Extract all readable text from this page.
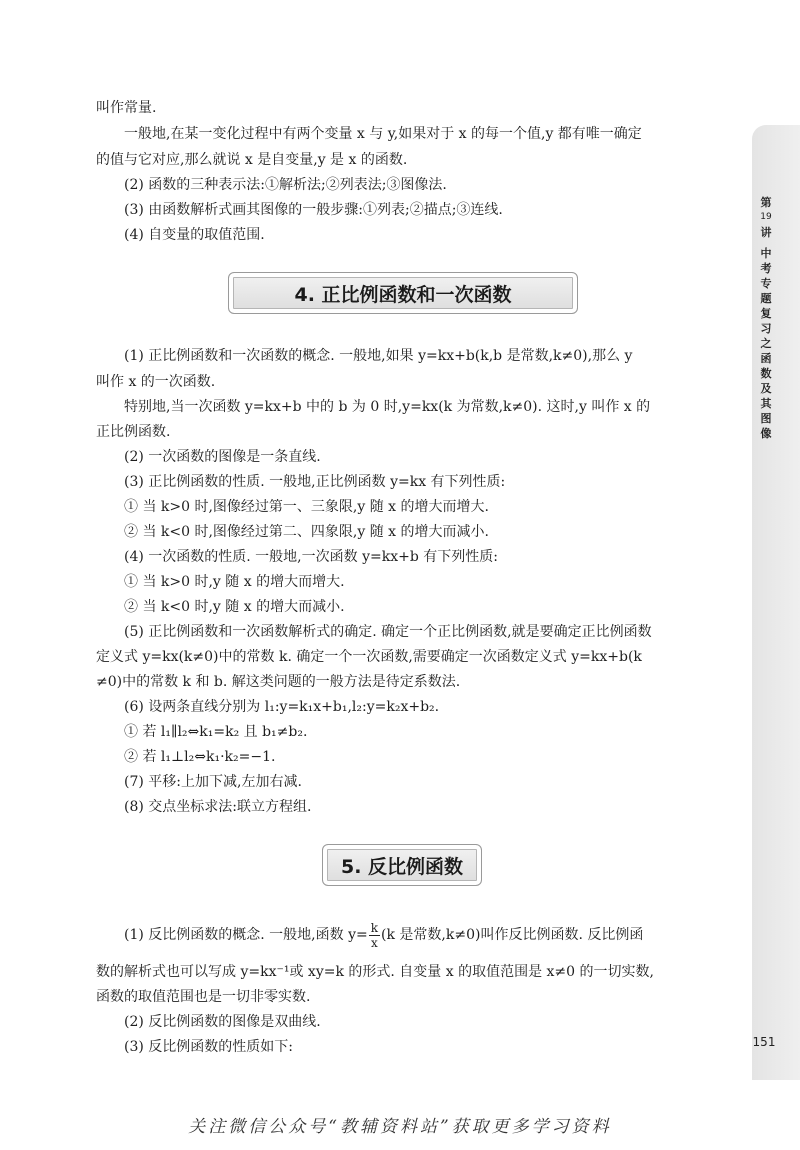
第
19
讲
中
考
专
题
复
习
之
函
数
及
其
图
像
叫作常量.
一般地,在某一变化过程中有两个变量 x 与 y,如果对于 x 的每一个值,y 都有唯一确定
的值与它对应,那么就说 x 是自变量,y 是 x 的函数.
(2) 函数的三种表示法:①解析法;②列表法;③图像法.
(3) 由函数解析式画其图像的一般步骤:①列表;②描点;③连线.
(4) 自变量的取值范围.
4. 正比例函数和一次函数
(1) 正比例函数和一次函数的概念. 一般地,如果 y=kx+b(k,b 是常数,k≠0),那么 y
叫作 x 的一次函数.
特别地,当一次函数 y=kx+b 中的 b 为 0 时,y=kx(k 为常数,k≠0). 这时,y 叫作 x 的
正比例函数.
(2) 一次函数的图像是一条直线.
(3) 正比例函数的性质. 一般地,正比例函数 y=kx 有下列性质:
① 当 k>0 时,图像经过第一、三象限,y 随 x 的增大而增大.
② 当 k<0 时,图像经过第二、四象限,y 随 x 的增大而减小.
(4) 一次函数的性质. 一般地,一次函数 y=kx+b 有下列性质:
① 当 k>0 时,y 随 x 的增大而增大.
② 当 k<0 时,y 随 x 的增大而减小.
(5) 正比例函数和一次函数解析式的确定. 确定一个正比例函数,就是要确定正比例函数
定义式 y=kx(k≠0)中的常数 k. 确定一个一次函数,需要确定一次函数定义式 y=kx+b(k
≠0)中的常数 k 和 b. 解这类问题的一般方法是待定系数法.
(6) 设两条直线分别为 l₁:y=k₁x+b₁,l₂:y=k₂x+b₂.
① 若 l₁∥l₂⇔k₁=k₂ 且 b₁≠b₂.
② 若 l₁⊥l₂⇔k₁·k₂=−1.
(7) 平移:上加下减,左加右减.
(8) 交点坐标求法:联立方程组.
5. 反比例函数
(1) 反比例函数的概念. 一般地,函数 $y= \frac{k}{x} (k$ 是常数,k≠0)叫作反比例函数. 反比例函
数的解析式也可以写成 y=kx⁻¹或 xy=k 的形式. 自变量 x 的取值范围是 x≠0 的一切实数,
函数的取值范围也是一切非零实数.
(2) 反比例函数的图像是双曲线.
(3) 反比例函数的性质如下:	151
关注微信公众号“教辅资料站”获取更多学习资料
